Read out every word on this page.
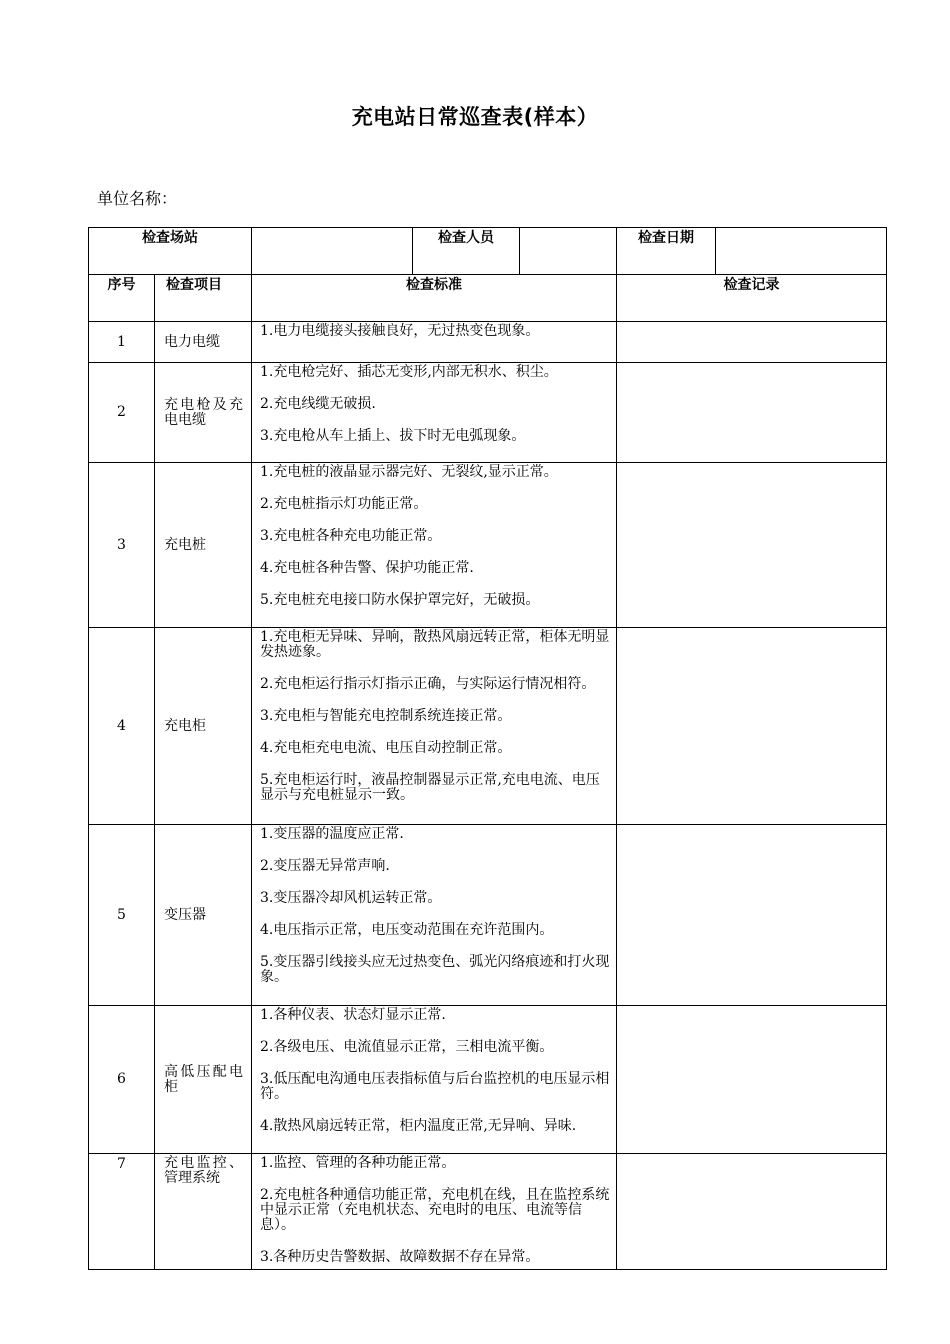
充电站日常巡查表(样本）
单位名称：
检查场站			检查人员		检查日期	
序号	检查项目	检查标准			检查记录	
1	电力电缆	1.电力电缆接头接触良好，无过热变色现象。				

2	充电枪及充电电缆	1.充电枪完好、插芯无变形,内部无积水、积尘。

2.充电线缆无破损.

3.充电枪从车上插上、拔下时无电弧现象。				

3	充电桩	1.充电桩的液晶显示器完好、无裂纹,显示正常。

2.充电桩指示灯功能正常。

3.充电桩各种充电功能正常。

4.充电桩各种告警、保护功能正常.

5.充电桩充电接口防水保护罩完好，无破损。				

4	充电柜	1.充电柜无异味、异响，散热风扇远转正常，柜体无明显发热迹象。

2.充电柜运行指示灯指示正确，与实际运行情况相符。

3.充电柜与智能充电控制系统连接正常。

4.充电柜充电电流、电压自动控制正常。

5.充电柜运行时，液晶控制器显示正常,充电电流、电压显示与充电桩显示一致。				

5	变压器	1.变压器的温度应正常.

2.变压器无异常声响.

3.变压器冷却风机运转正常。

4.电压指示正常，电压变动范围在充许范围内。

5.变压器引线接头应无过热变色、弧光闪络痕迹和打火现象。				

6	高低压配电柜	1.各种仪表、状态灯显示正常.

2.各级电压、电流值显示正常，三相电流平衡。

3.低压配电沟通电压表指标值与后台监控机的电压显示相符。

4.散热风扇远转正常，柜内温度正常,无异响、异味.				

7	充电监控、管理系统	1.监控、管理的各种功能正常。

2.充电桩各种通信功能正常，充电机在线，且在监控系统中显示正常（充电机状态、充电时的电压、电流等信息）。

3.各种历史告警数据、故障数据不存在异常。				
